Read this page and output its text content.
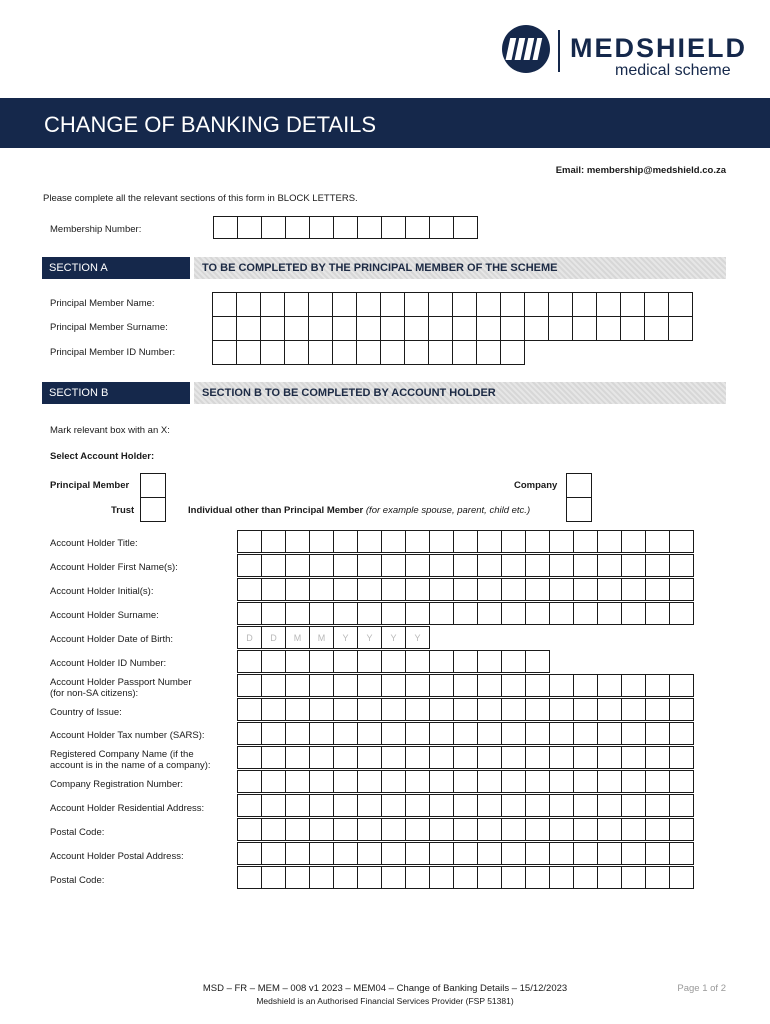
MEDSHIELD
medical scheme
CHANGE OF BANKING DETAILS
Email: membership@medshield.co.za
Please complete all the relevant sections of this form in BLOCK LETTERS.
Membership Number:
SECTION A	TO BE COMPLETED BY THE PRINCIPAL MEMBER OF THE SCHEME
Principal Member Name:
Principal Member Surname:
Principal Member ID Number:
SECTION B	SECTION B TO BE COMPLETED BY ACCOUNT HOLDER
Mark relevant box with an X:
Select Account Holder:
Principal Member
Trust
Company
Individual other than Principal Member (for example spouse, parent, child etc.)
Account Holder Title:
Account Holder First Name(s):
Account Holder Initial(s):
Account Holder Surname:
Account Holder Date of Birth:
Account Holder ID Number:
Account Holder Passport Number
(for non-SA citizens):
Country of Issue:
Account Holder Tax number (SARS):
Registered Company Name (if the
account is in the name of a company):
Company Registration Number:
Account Holder Residential Address:
Postal Code:
Account Holder Postal Address:
Postal Code:
D	D	M	M	Y	Y	Y	Y
MSD – FR – MEM – 008 v1 2023 – MEM04 – Change of Banking Details – 15/12/2023
Medshield is an Authorised Financial Services Provider (FSP 51381)
Page 1 of 2
